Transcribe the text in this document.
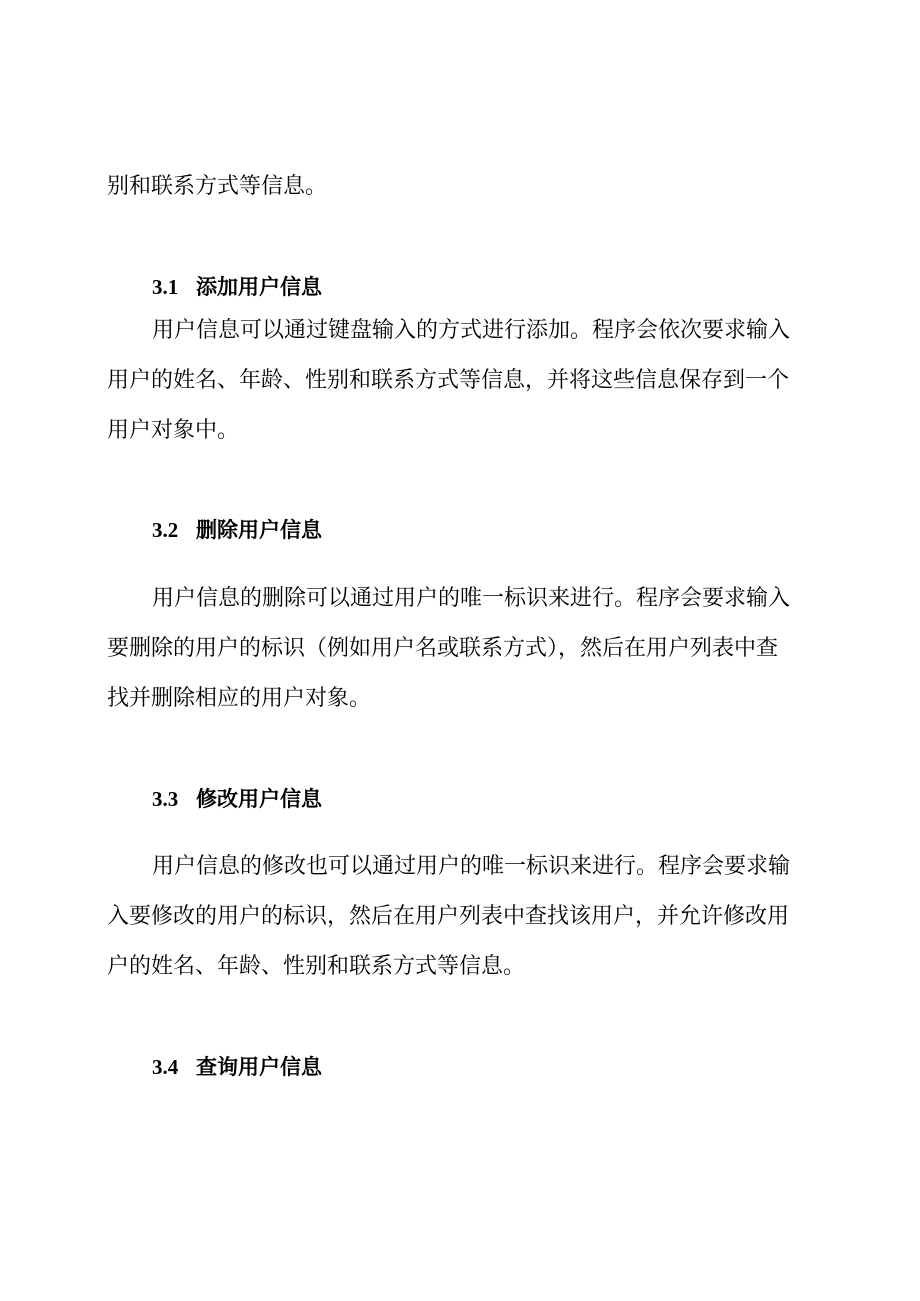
别和联系方式等信息。

3.1 添加用户信息

用户信息可以通过键盘输入的方式进行添加。程序会依次要求输入

用户的姓名、年龄、性别和联系方式等信息，并将这些信息保存到一个

用户对象中。

3.2 删除用户信息

用户信息的删除可以通过用户的唯一标识来进行。程序会要求输入

要删除的用户的标识（例如用户名或联系方式），然后在用户列表中查

找并删除相应的用户对象。

3.3 修改用户信息

用户信息的修改也可以通过用户的唯一标识来进行。程序会要求输

入要修改的用户的标识，然后在用户列表中查找该用户，并允许修改用

户的姓名、年龄、性别和联系方式等信息。

3.4 查询用户信息
